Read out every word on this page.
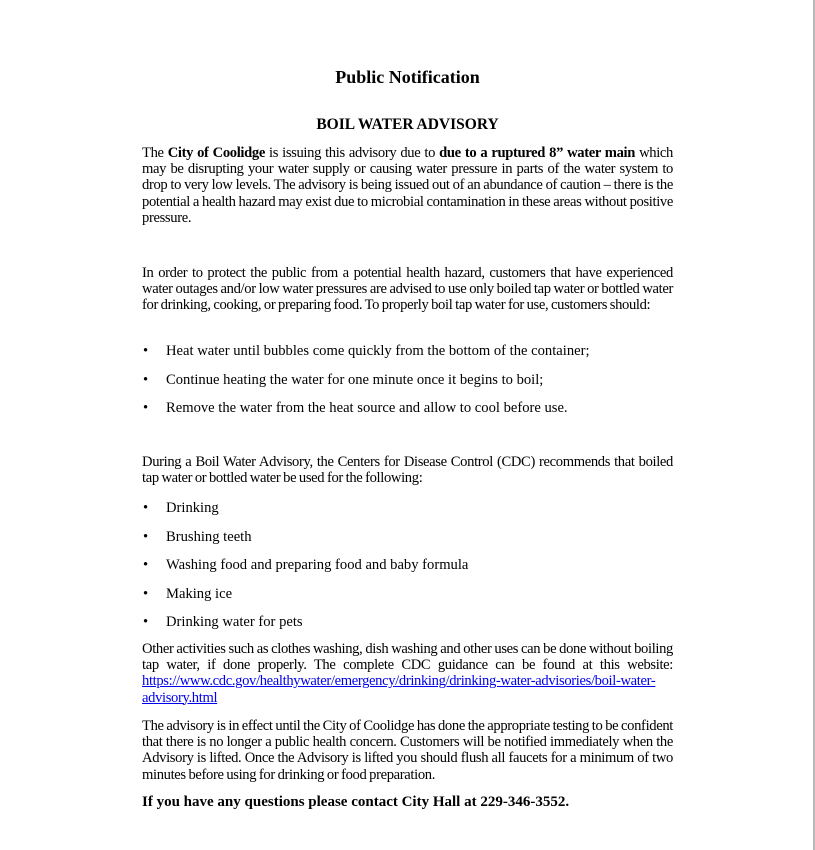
Public Notification
BOIL WATER ADVISORY
The City of Coolidge is issuing this advisory due to due to a ruptured 8” water main which may be disrupting your water supply or causing water pressure in parts of the water system to drop to very low levels. The advisory is being issued out of an abundance of caution – there is the potential a health hazard may exist due to microbial contamination in these areas without positive pressure.
In order to protect the public from a potential health hazard, customers that have experienced water outages and/or low water pressures are advised to use only boiled tap water or bottled water for drinking, cooking, or preparing food. To properly boil tap water for use, customers should:
• Heat water until bubbles come quickly from the bottom of the container;
• Continue heating the water for one minute once it begins to boil;
• Remove the water from the heat source and allow to cool before use.
During a Boil Water Advisory, the Centers for Disease Control (CDC) recommends that boiled tap water or bottled water be used for the following:
• Drinking
• Brushing teeth
• Washing food and preparing food and baby formula
• Making ice
• Drinking water for pets
Other activities such as clothes washing, dish washing and other uses can be done without boiling tap water, if done properly. The complete CDC guidance can be found at this website: https://www.cdc.gov/healthywater/emergency/drinking/drinking-water-advisories/boil-water-advisory.html
The advisory is in effect until the City of Coolidge has done the appropriate testing to be confident that there is no longer a public health concern. Customers will be notified immediately when the Advisory is lifted. Once the Advisory is lifted you should flush all faucets for a minimum of two minutes before using for drinking or food preparation.
If you have any questions please contact City Hall at 229-346-3552.
